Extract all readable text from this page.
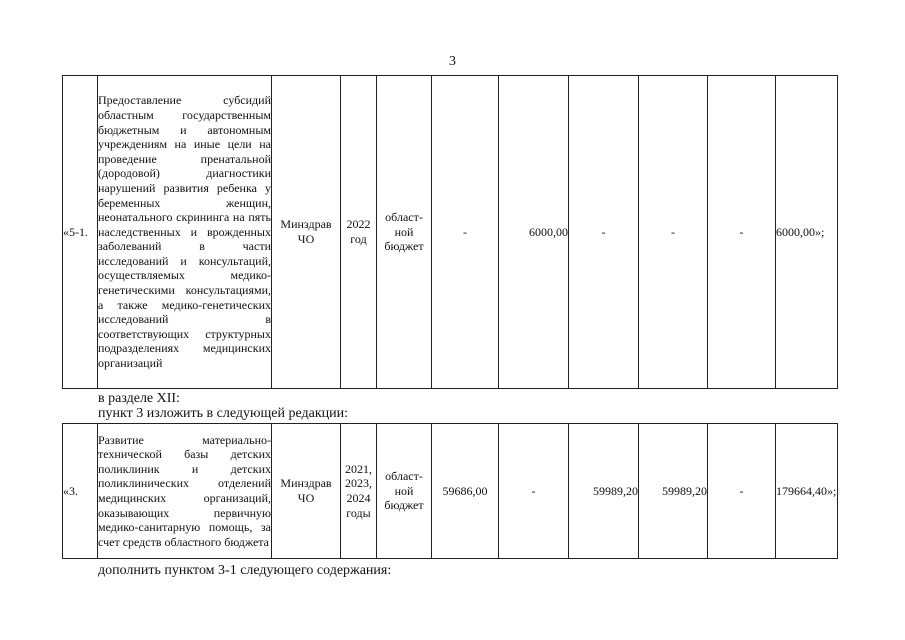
3
«5-1.	Предоставление субсидий областным государственным бюджетным и автономным учреждениям на иные цели на проведение пренатальной (дородовой) диагностики нарушений развития ребенка у беременных женщин, неонатального скрининга на пять наследственных и врожденных заболеваний в части исследований и консультаций, осуществляемых медико-генетическими консультациями, а также медико-генетических исследований в соответствующих структурных подразделениях медицинских организаций	Минздрав ЧО	2022 год	област-ной бюджет	-	6000,00	-	-	-	6000,00»;
в разделе XII:
пункт 3 изложить в следующей редакции:
«3.	Развитие материально-технической базы детских поликлиник и детских поликлинических отделений медицинских организаций, оказывающих первичную медико-санитарную помощь, за счет средств областного бюджета	Минздрав ЧО	2021, 2023, 2024 годы	област-ной бюджет	59686,00	-	59989,20	59989,20	-	179664,40»;
дополнить пунктом 3-1 следующего содержания:
